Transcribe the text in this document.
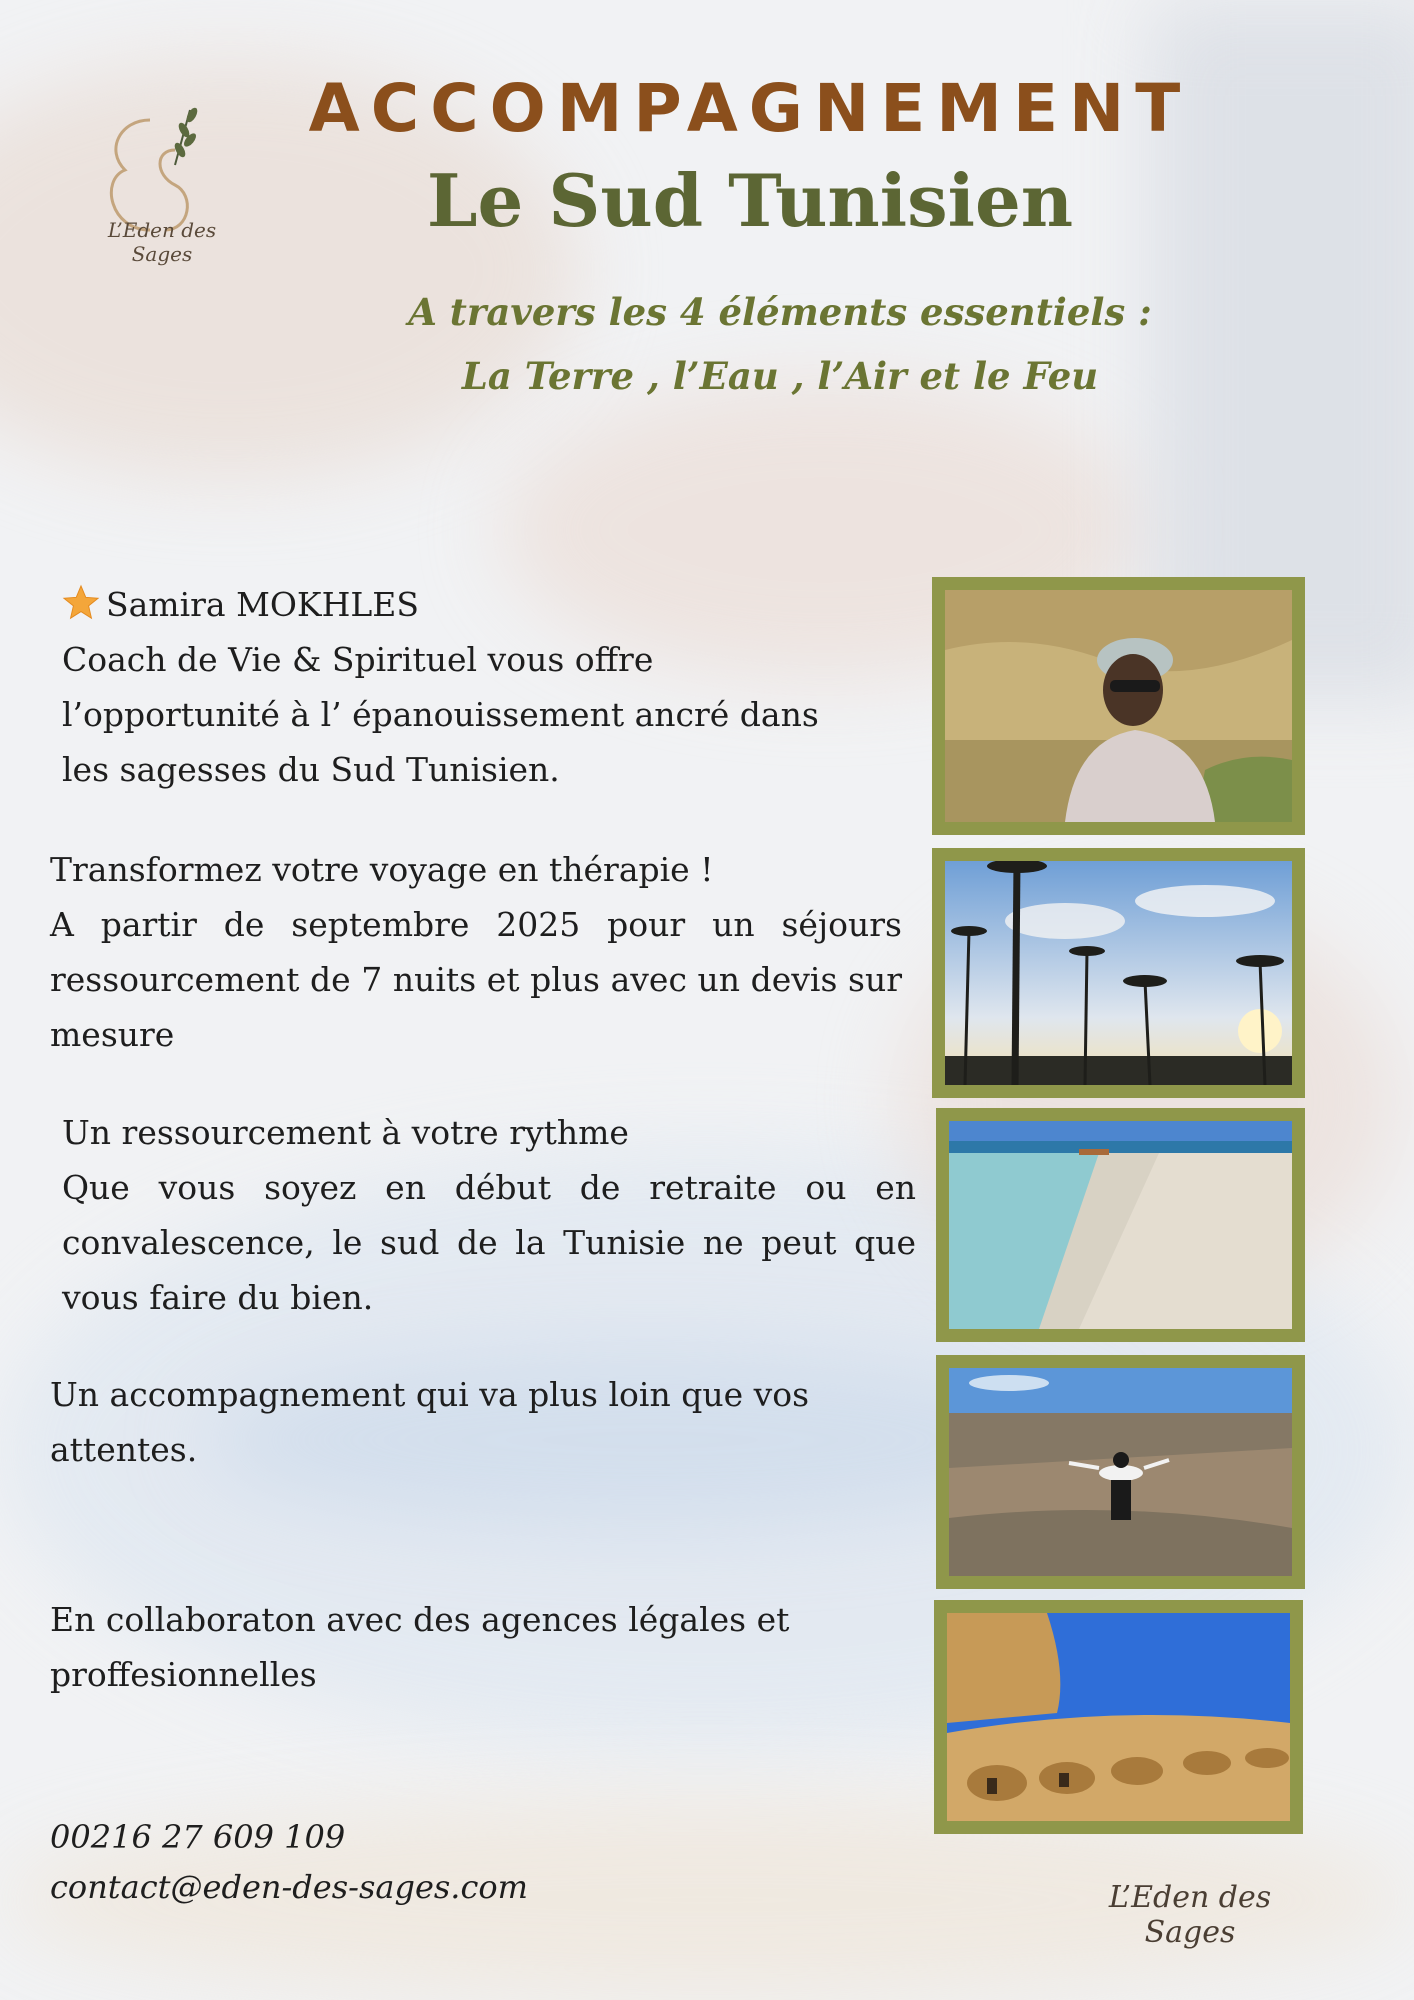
L’Eden des Sages
ACCOMPAGNEMENT
Le Sud Tunisien

A travers les 4 éléments essentiels :

La Terre , l’Eau , l’Air et le Feu

Samira MOKHLES
Coach de Vie & Spirituel vous offre
l’opportunité à l’ épanouissement ancré dans
les sagesses du Sud Tunisien.
Transformez votre voyage en thérapie !
A partir de septembre 2025 pour un séjours ressourcement de 7 nuits et plus avec un devis sur mesure
Un ressourcement à votre rythme
Que vous soyez en début de retraite ou en convalescence, le sud de la Tunisie ne peut que vous faire du bien.
Un accompagnement qui va plus loin que vos attentes.
En collaboraton avec des agences légales et proffesionnelles

00216 27 609 109

contact@eden-des-sages.com	L’Eden des Sages
